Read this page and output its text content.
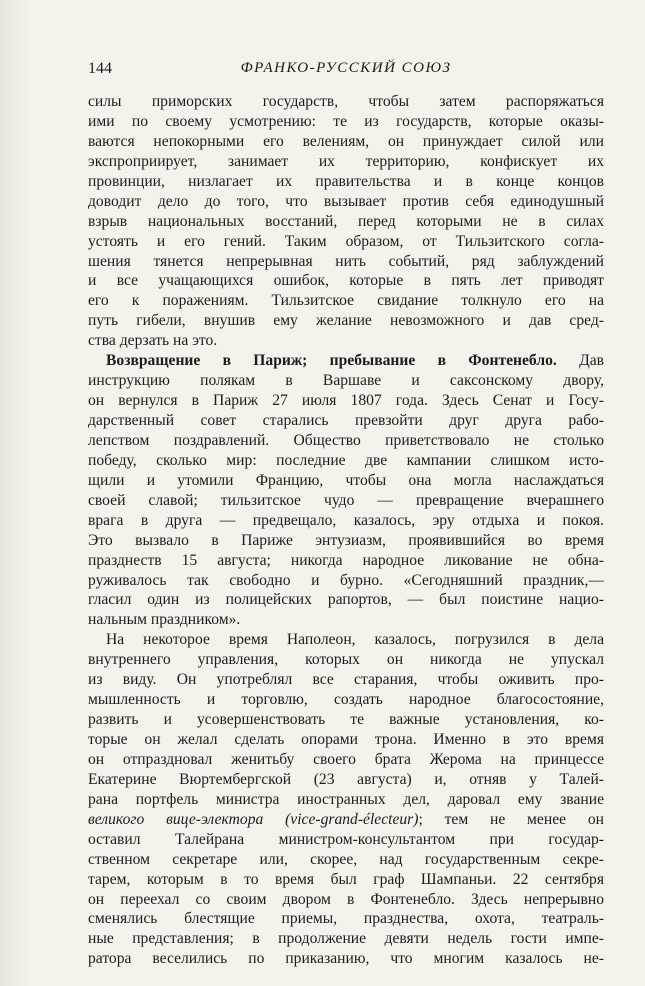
144	ФРАНКО-РУССКИЙ СОЮЗ

силы приморских государств, чтобы затем распоряжаться
ими по своему усмотрению: те из государств, которые оказы-
ваются непокорными его велениям, он принуждает силой или
экспроприирует, занимает их территорию, конфискует их
провинции, низлагает их правительства и в конце концов
доводит дело до того, что вызывает против себя единодушный
взрыв национальных восстаний, перед которыми не в силах
устоять и его гений. Таким образом, от Тильзитского согла-
шения тянется непрерывная нить событий, ряд заблуждений
и все учащающихся ошибок, которые в пять лет приводят
его к поражениям. Тильзитское свидание толкнуло его на
путь гибели, внушив ему желание невозможного и дав сред-
ства дерзать на это.

Возвращение в Париж; пребывание в Фонтенебло. Дав
инструкцию полякам в Варшаве и саксонскому двору,
он вернулся в Париж 27 июля 1807 года. Здесь Сенат и Госу-
дарственный совет старались превзойти друг друга рабо-
лепством поздравлений. Общество приветствовало не столько
победу, сколько мир: последние две кампании слишком исто-
щили и утомили Францию, чтобы она могла наслаждаться
своей славой; тильзитское чудо — превращение вчерашнего
врага в друга — предвещало, казалось, эру отдыха и покоя.
Это вызвало в Париже энтузиазм, проявившийся во время
празднеств 15 августа; никогда народное ликование не обна-
руживалось так свободно и бурно. «Сегодняшний праздник,—
гласил один из полицейских рапортов, — был поистине нацио-
нальным праздником».

На некоторое время Наполеон, казалось, погрузился в дела
внутреннего управления, которых он никогда не упускал
из виду. Он употреблял все старания, чтобы оживить про-
мышленность и торговлю, создать народное благосостояние,
развить и усовершенствовать те важные установления, ко-
торые он желал сделать опорами трона. Именно в это время
он отпраздновал женитьбу своего брата Жерома на принцессе
Екатерине Вюртембергской (23 августа) и, отняв у Талей-
рана портфель министра иностранных дел, даровал ему звание
великого вице-электора (vice-grand-électeur); тем не менее он
оставил Талейрана министром-консультантом при государ-
ственном секретаре или, скорее, над государственным секре-
тарем, которым в то время был граф Шампаньи. 22 сентября
он переехал со своим двором в Фонтенебло. Здесь непрерывно
сменялись блестящие приемы, празднества, охота, театраль-
ные представления; в продолжение девяти недель гости импе-
ратора веселились по приказанию, что многим казалось не-
